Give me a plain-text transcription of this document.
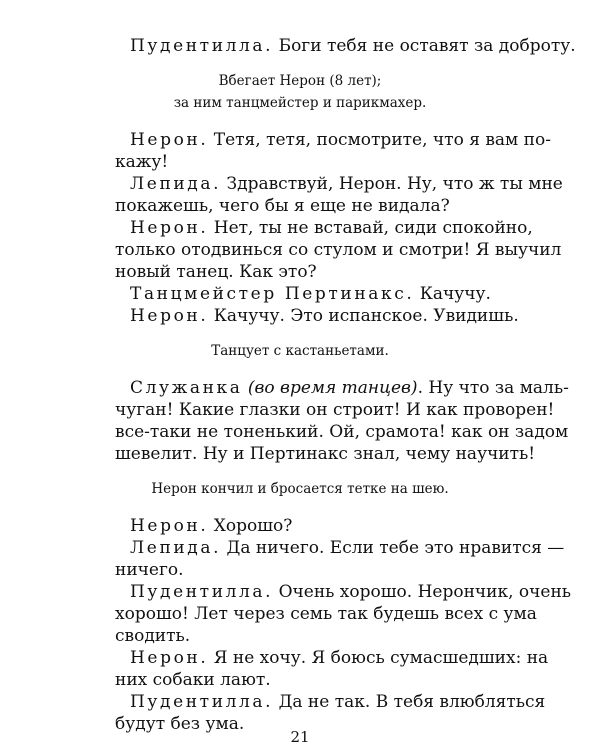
Пудентилла. Боги тебя не оставят за доброту.
Вбегает Нерон (8 лет);
за ним танцмейстер и парикмахер.
Нерон. Тетя, тетя, посмотрите, что я вам по-
кажу!
Лепида. Здравствуй, Нерон. Ну, что ж ты мне
покажешь, чего бы я еще не видала?
Нерон. Нет, ты не вставай, сиди спокойно,
только отодвинься со стулом и смотри! Я выучил
новый танец. Как это?
Танцмейстер Пертинакс. Качучу.
Нерон. Качучу. Это испанское. Увидишь.
Танцует с кастаньетами.
Служанка (во время танцев). Ну что за маль-
чуган! Какие глазки он строит! И как проворен!
все-таки не тоненький. Ой, срамота! как он задом
шевелит. Ну и Пертинакс знал, чему научить!
Нерон кончил и бросается тетке на шею.
Нерон. Хорошо?
Лепида. Да ничего. Если тебе это нравится —
ничего.
Пудентилла. Очень хорошо. Нерончик, очень
хорошо! Лет через семь так будешь всех с ума
сводить.
Нерон. Я не хочу. Я боюсь сумасшедших: на
них собаки лают.
Пудентилла. Да не так. В тебя влюбляться
будут без ума.
21
